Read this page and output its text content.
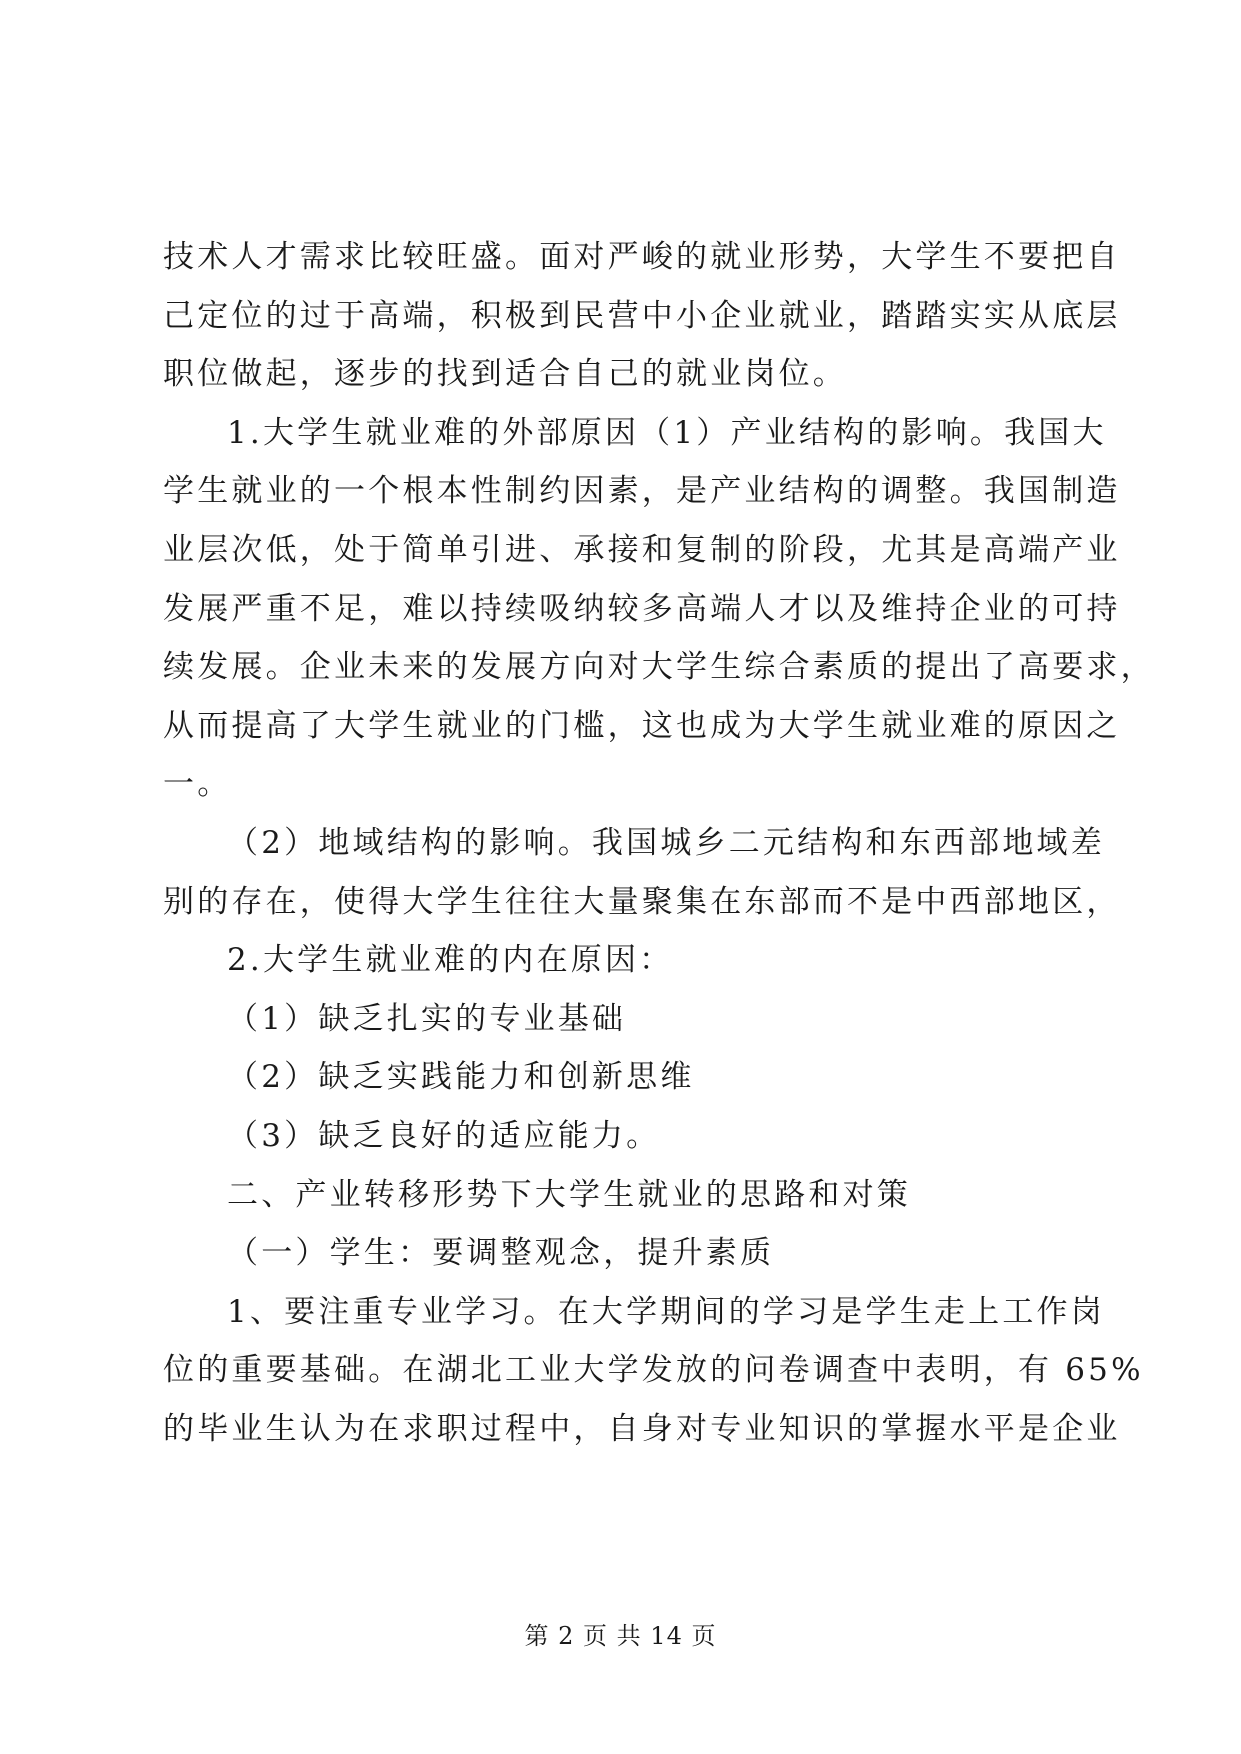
技术人才需求比较旺盛。面对严峻的就业形势，大学生不要把自
己定位的过于高端，积极到民营中小企业就业，踏踏实实从底层
职位做起，逐步的找到适合自己的就业岗位。
1.大学生就业难的外部原因（1）产业结构的影响。我国大
学生就业的一个根本性制约因素，是产业结构的调整。我国制造
业层次低，处于简单引进、承接和复制的阶段，尤其是高端产业
发展严重不足，难以持续吸纳较多高端人才以及维持企业的可持
续发展。企业未来的发展方向对大学生综合素质的提出了高要求，
从而提高了大学生就业的门槛，这也成为大学生就业难的原因之
一。
（2）地域结构的影响。我国城乡二元结构和东西部地域差
别的存在，使得大学生往往大量聚集在东部而不是中西部地区，
2.大学生就业难的内在原因：
（1）缺乏扎实的专业基础
（2）缺乏实践能力和创新思维
（3）缺乏良好的适应能力。
二、产业转移形势下大学生就业的思路和对策
（一）学生：要调整观念，提升素质
1、要注重专业学习。在大学期间的学习是学生走上工作岗
位的重要基础。在湖北工业大学发放的问卷调查中表明，有 65%
的毕业生认为在求职过程中，自身对专业知识的掌握水平是企业
第 2 页 共 14 页
